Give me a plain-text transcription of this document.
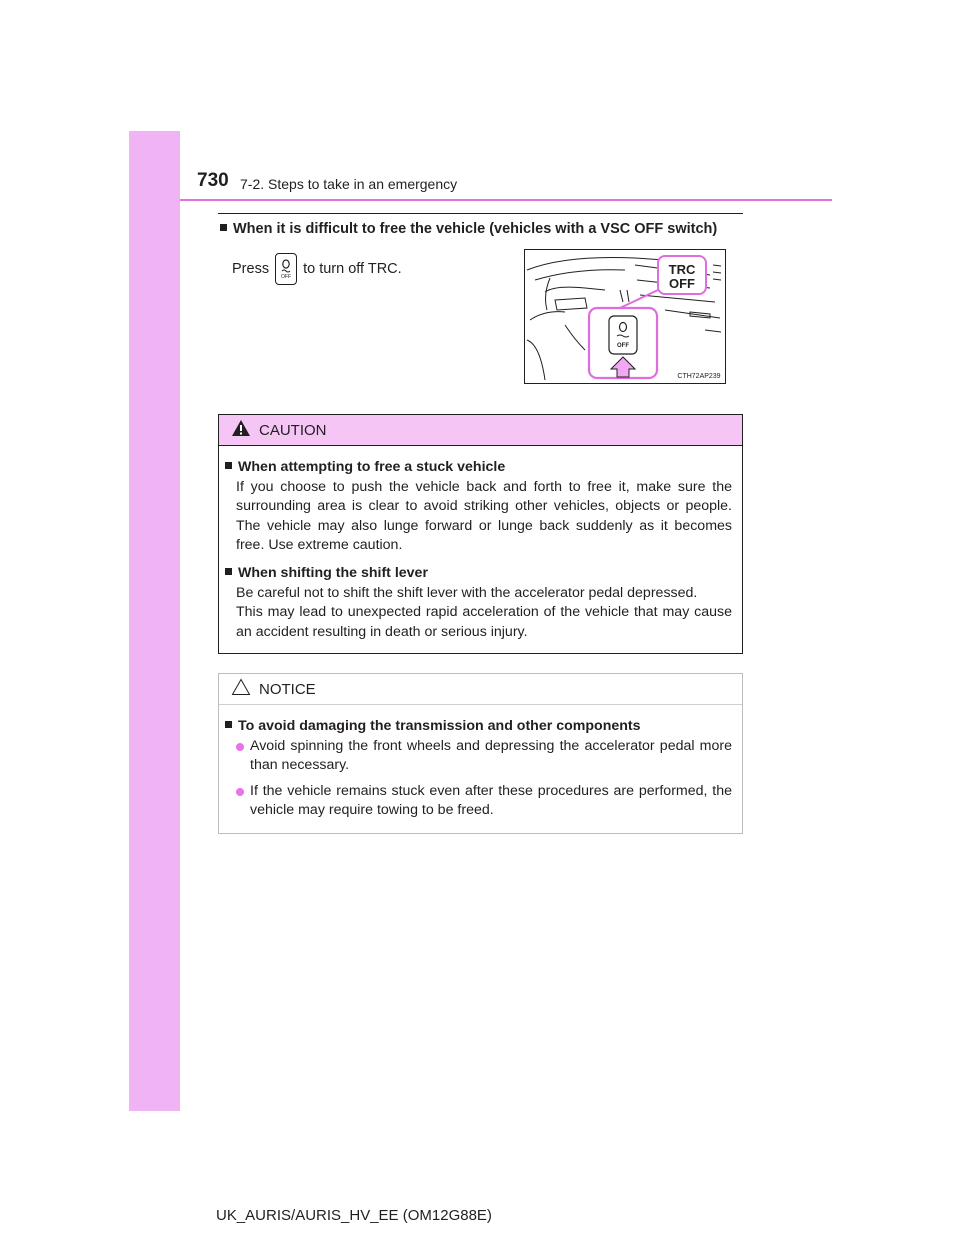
730 7-2. Steps to take in an emergency
When it is difficult to free the vehicle (vehicles with a VSC OFF switch)
Press OFF to turn off TRC.	TRC
OFF
OFF
CTH72AP239
CAUTION
When attempting to free a stuck vehicle
If you choose to push the vehicle back and forth to free it, make sure the surrounding area is clear to avoid striking other vehicles, objects or people. The vehicle may also lunge forward or lunge back suddenly as it becomes free. Use extreme caution.
When shifting the shift lever
Be careful not to shift the shift lever with the accelerator pedal depressed.
This may lead to unexpected rapid acceleration of the vehicle that may cause an accident resulting in death or serious injury.
NOTICE
To avoid damaging the transmission and other components
Avoid spinning the front wheels and depressing the accelerator pedal more than necessary.
If the vehicle remains stuck even after these procedures are performed, the vehicle may require towing to be freed.
UK_AURIS/AURIS_HV_EE (OM12G88E)
